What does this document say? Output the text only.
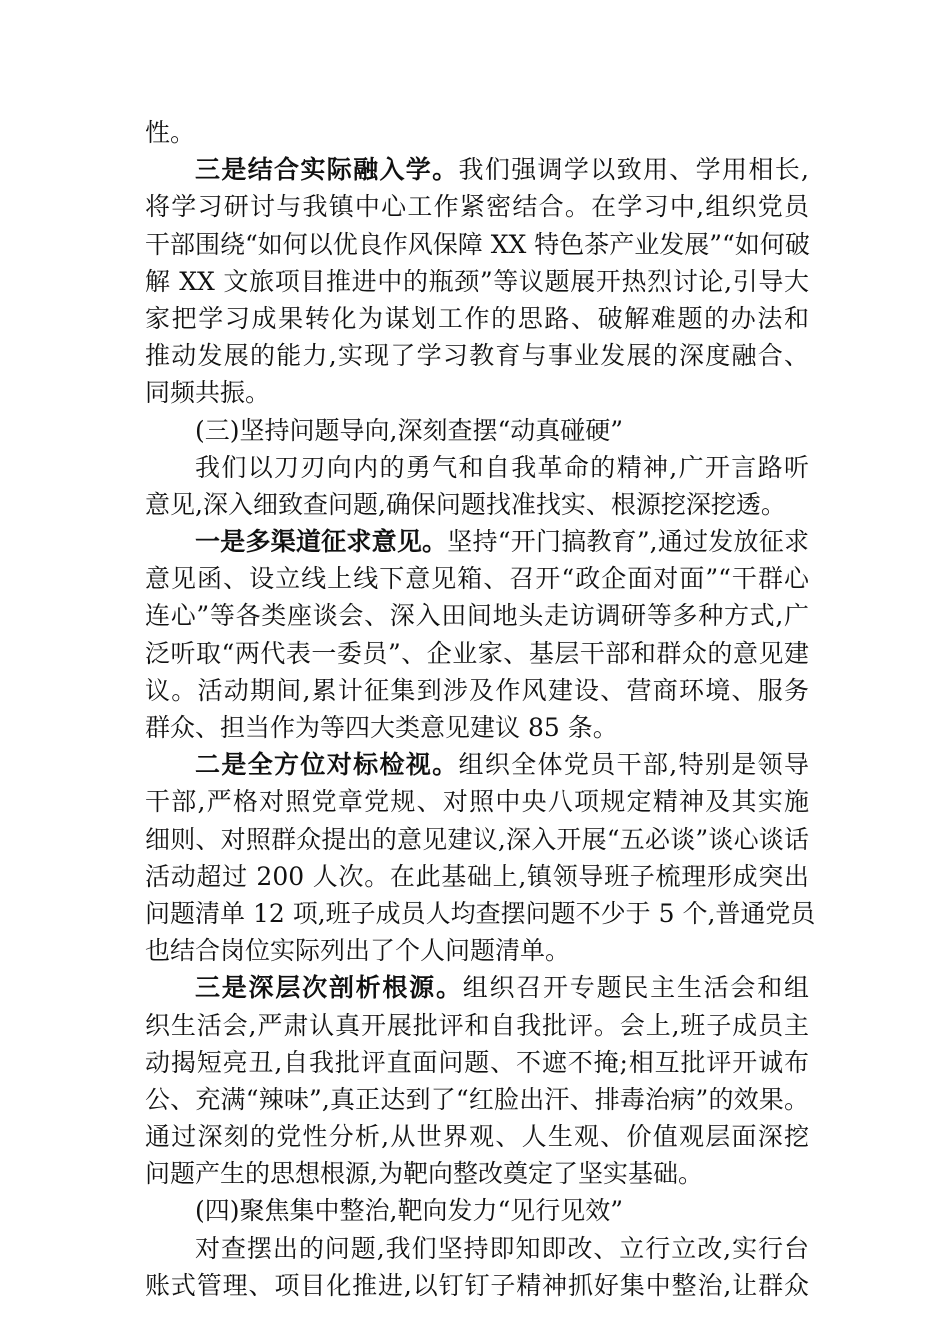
性。
三是结合实际融入学。我们强调学以致用、学用相长,
将学习研讨与我镇中心工作紧密结合。在学习中,组织党员
干部围绕“如何以优良作风保障 XX 特色茶产业发展”“如何破
解 XX 文旅项目推进中的瓶颈”等议题展开热烈讨论,引导大
家把学习成果转化为谋划工作的思路、破解难题的办法和
推动发展的能力,实现了学习教育与事业发展的深度融合、
同频共振。
(三)坚持问题导向,深刻查摆“动真碰硬”
我们以刀刃向内的勇气和自我革命的精神,广开言路听
意见,深入细致查问题,确保问题找准找实、根源挖深挖透。
一是多渠道征求意见。坚持“开门搞教育”,通过发放征求
意见函、设立线上线下意见箱、召开“政企面对面”“干群心
连心”等各类座谈会、深入田间地头走访调研等多种方式,广
泛听取“两代表一委员”、企业家、基层干部和群众的意见建
议。活动期间,累计征集到涉及作风建设、营商环境、服务
群众、担当作为等四大类意见建议 85 条。
二是全方位对标检视。组织全体党员干部,特别是领导
干部,严格对照党章党规、对照中央八项规定精神及其实施
细则、对照群众提出的意见建议,深入开展“五必谈”谈心谈话
活动超过 200 人次。在此基础上,镇领导班子梳理形成突出
问题清单 12 项,班子成员人均查摆问题不少于 5 个,普通党员
也结合岗位实际列出了个人问题清单。
三是深层次剖析根源。组织召开专题民主生活会和组
织生活会,严肃认真开展批评和自我批评。会上,班子成员主
动揭短亮丑,自我批评直面问题、不遮不掩;相互批评开诚布
公、充满“辣味”,真正达到了“红脸出汗、排毒治病”的效果。
通过深刻的党性分析,从世界观、人生观、价值观层面深挖
问题产生的思想根源,为靶向整改奠定了坚实基础。
(四)聚焦集中整治,靶向发力“见行见效”
对查摆出的问题,我们坚持即知即改、立行立改,实行台
账式管理、项目化推进,以钉钉子精神抓好集中整治,让群众
